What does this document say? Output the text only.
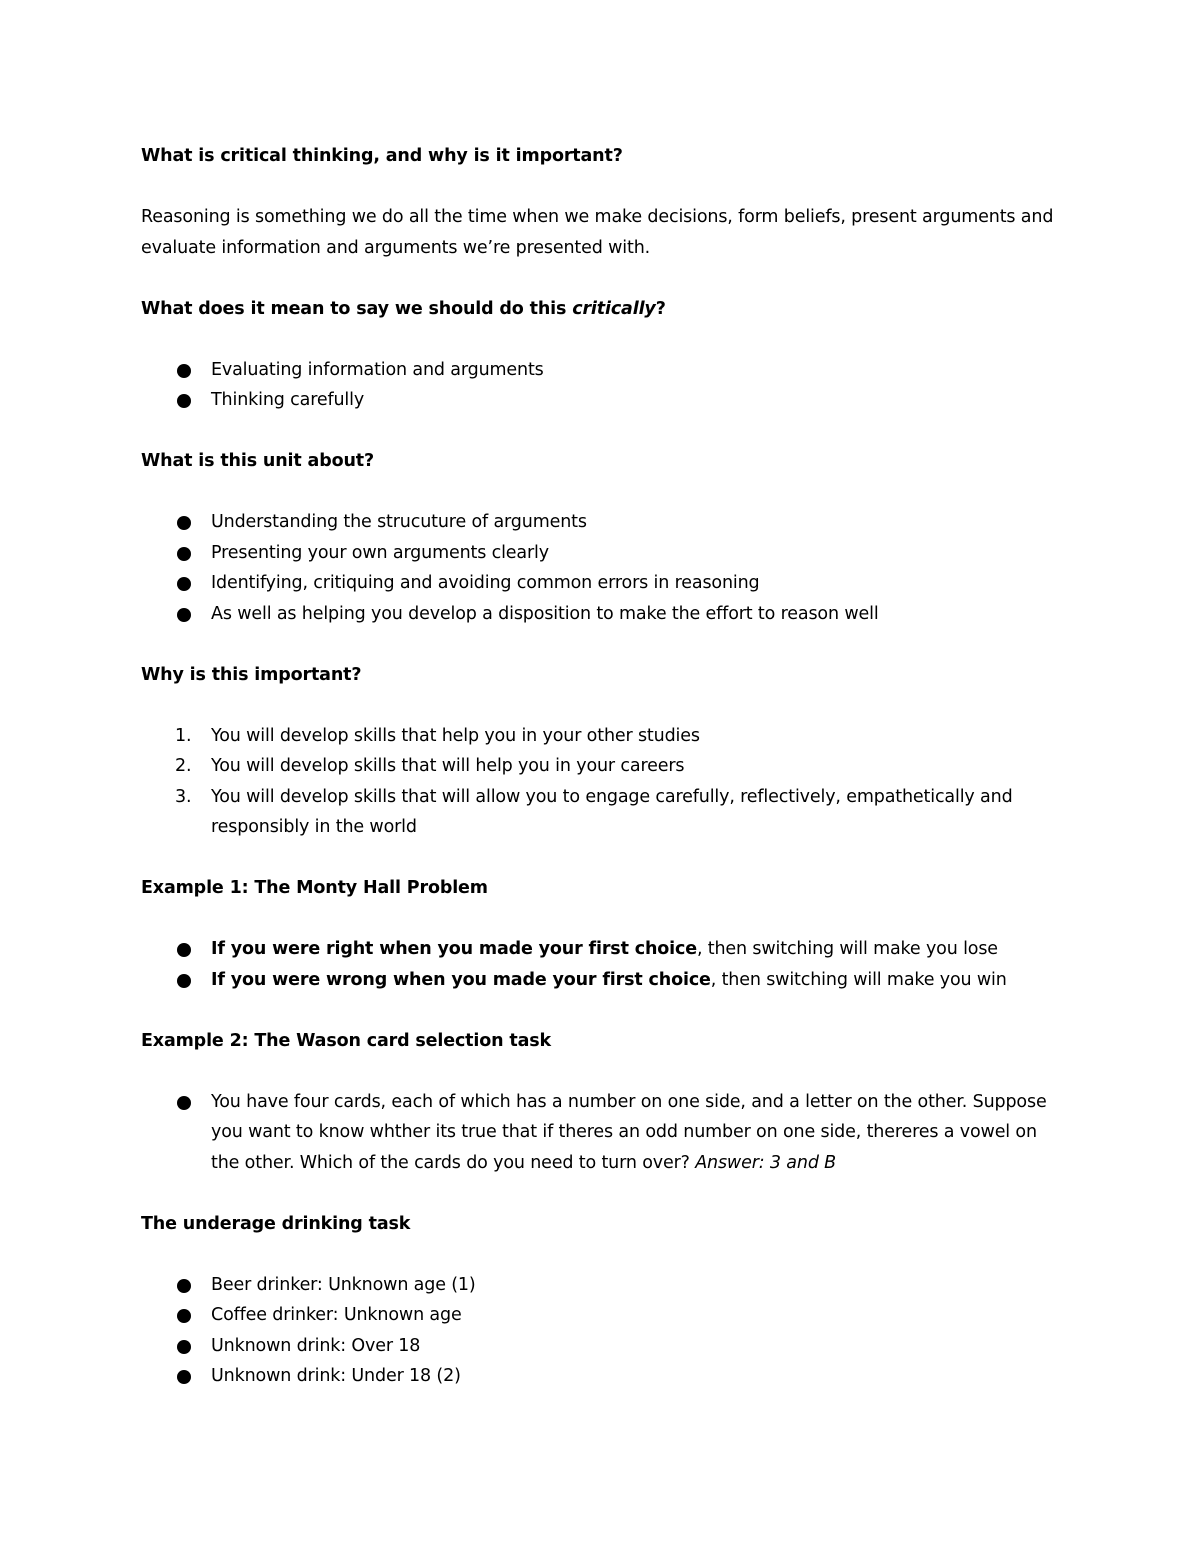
What is critical thinking, and why is it important?

Reasoning is something we do all the time when we make decisions, form beliefs, present arguments and evaluate information and arguments we’re presented with.

What does it mean to say we should do this critically?

Evaluating information and arguments
Thinking carefully

What is this unit about?

Understanding the strucuture of arguments
Presenting your own arguments clearly
Identifying, critiquing and avoiding common errors in reasoning
As well as helping you develop a disposition to make the effort to reason well

Why is this important?

1. You will develop skills that help you in your other studies
2. You will develop skills that will help you in your careers
3. You will develop skills that will allow you to engage carefully, reflectively, empathetically and responsibly in the world

Example 1: The Monty Hall Problem

If you were right when you made your first choice, then switching will make you lose
If you were wrong when you made your first choice, then switching will make you win

Example 2: The Wason card selection task

You have four cards, each of which has a number on one side, and a letter on the other. Suppose you want to know whther its true that if theres an odd number on one side, thereres a vowel on the other. Which of the cards do you need to turn over? Answer: 3 and B

The underage drinking task

Beer drinker: Unknown age (1)
Coffee drinker: Unknown age
Unknown drink: Over 18
Unknown drink: Under 18 (2)
